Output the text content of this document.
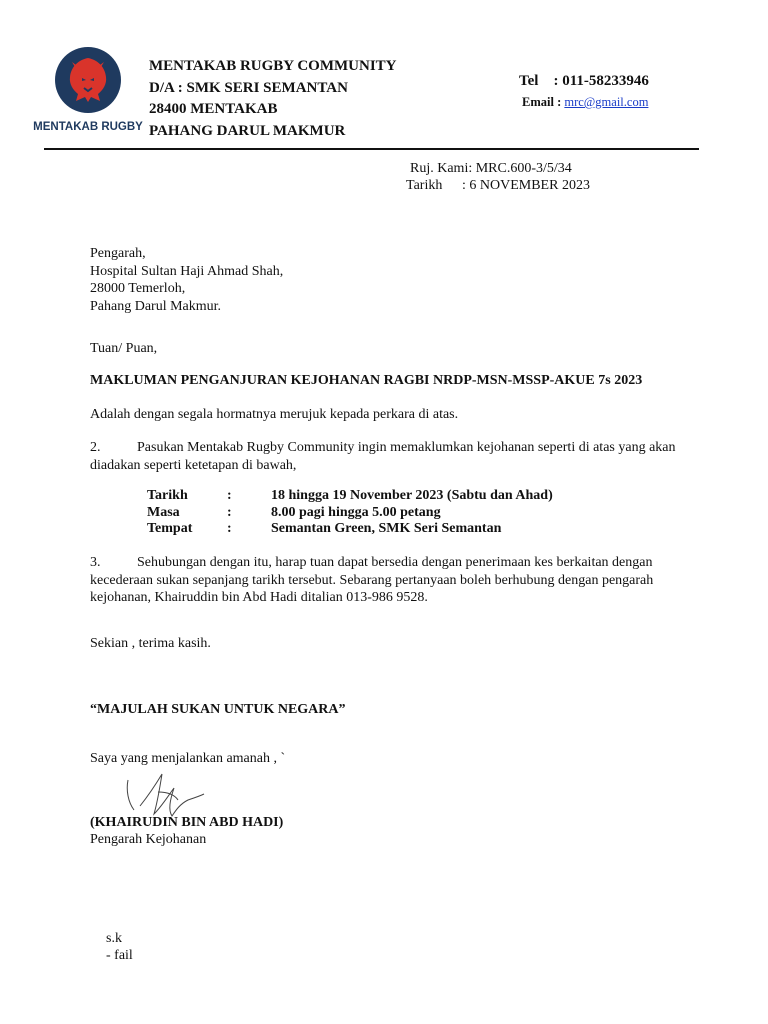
MENTAKAB RUGBY
MENTAKAB RUGBY COMMUNITY
D/A : SMK SERI SEMANTAN
28400 MENTAKAB
PAHANG DARUL MAKMUR
Tel    : 011-58233946
Email : mrc@gmail.com
Ruj. Kami: MRC.600-3/5/34
Tarikh : 6 NOVEMBER 2023
Pengarah,
Hospital Sultan Haji Ahmad Shah,
28000 Temerloh,
Pahang Darul Makmur.
Tuan/ Puan,
MAKLUMAN PENGANJURAN KEJOHANAN RAGBI NRDP-MSN-MSSP-AKUE 7s 2023
Adalah dengan segala hormatnya merujuk kepada perkara di atas.
2.	Pasukan Mentakab Rugby Community ingin memaklumkan kejohanan seperti di atas yang akan
diadakan seperti ketetapan di bawah,
Tarikh	:	18 hingga 19 November 2023 (Sabtu dan Ahad)
Masa	:	8.00 pagi hingga 5.00 petang
Tempat :	Semantan Green, SMK Seri Semantan
3.	Sehubungan dengan itu, harap tuan dapat bersedia dengan penerimaan kes berkaitan dengan
kecederaan sukan sepanjang tarikh tersebut. Sebarang pertanyaan boleh berhubung dengan pengarah
kejohanan, Khairuddin bin Abd Hadi ditalian 013-986 9528.
Sekian , terima kasih.
“MAJULAH SUKAN UNTUK NEGARA”
Saya yang menjalankan amanah , `
(KHAIRUDIN BIN ABD HADI)
Pengarah Kejohanan
s.k
- fail
